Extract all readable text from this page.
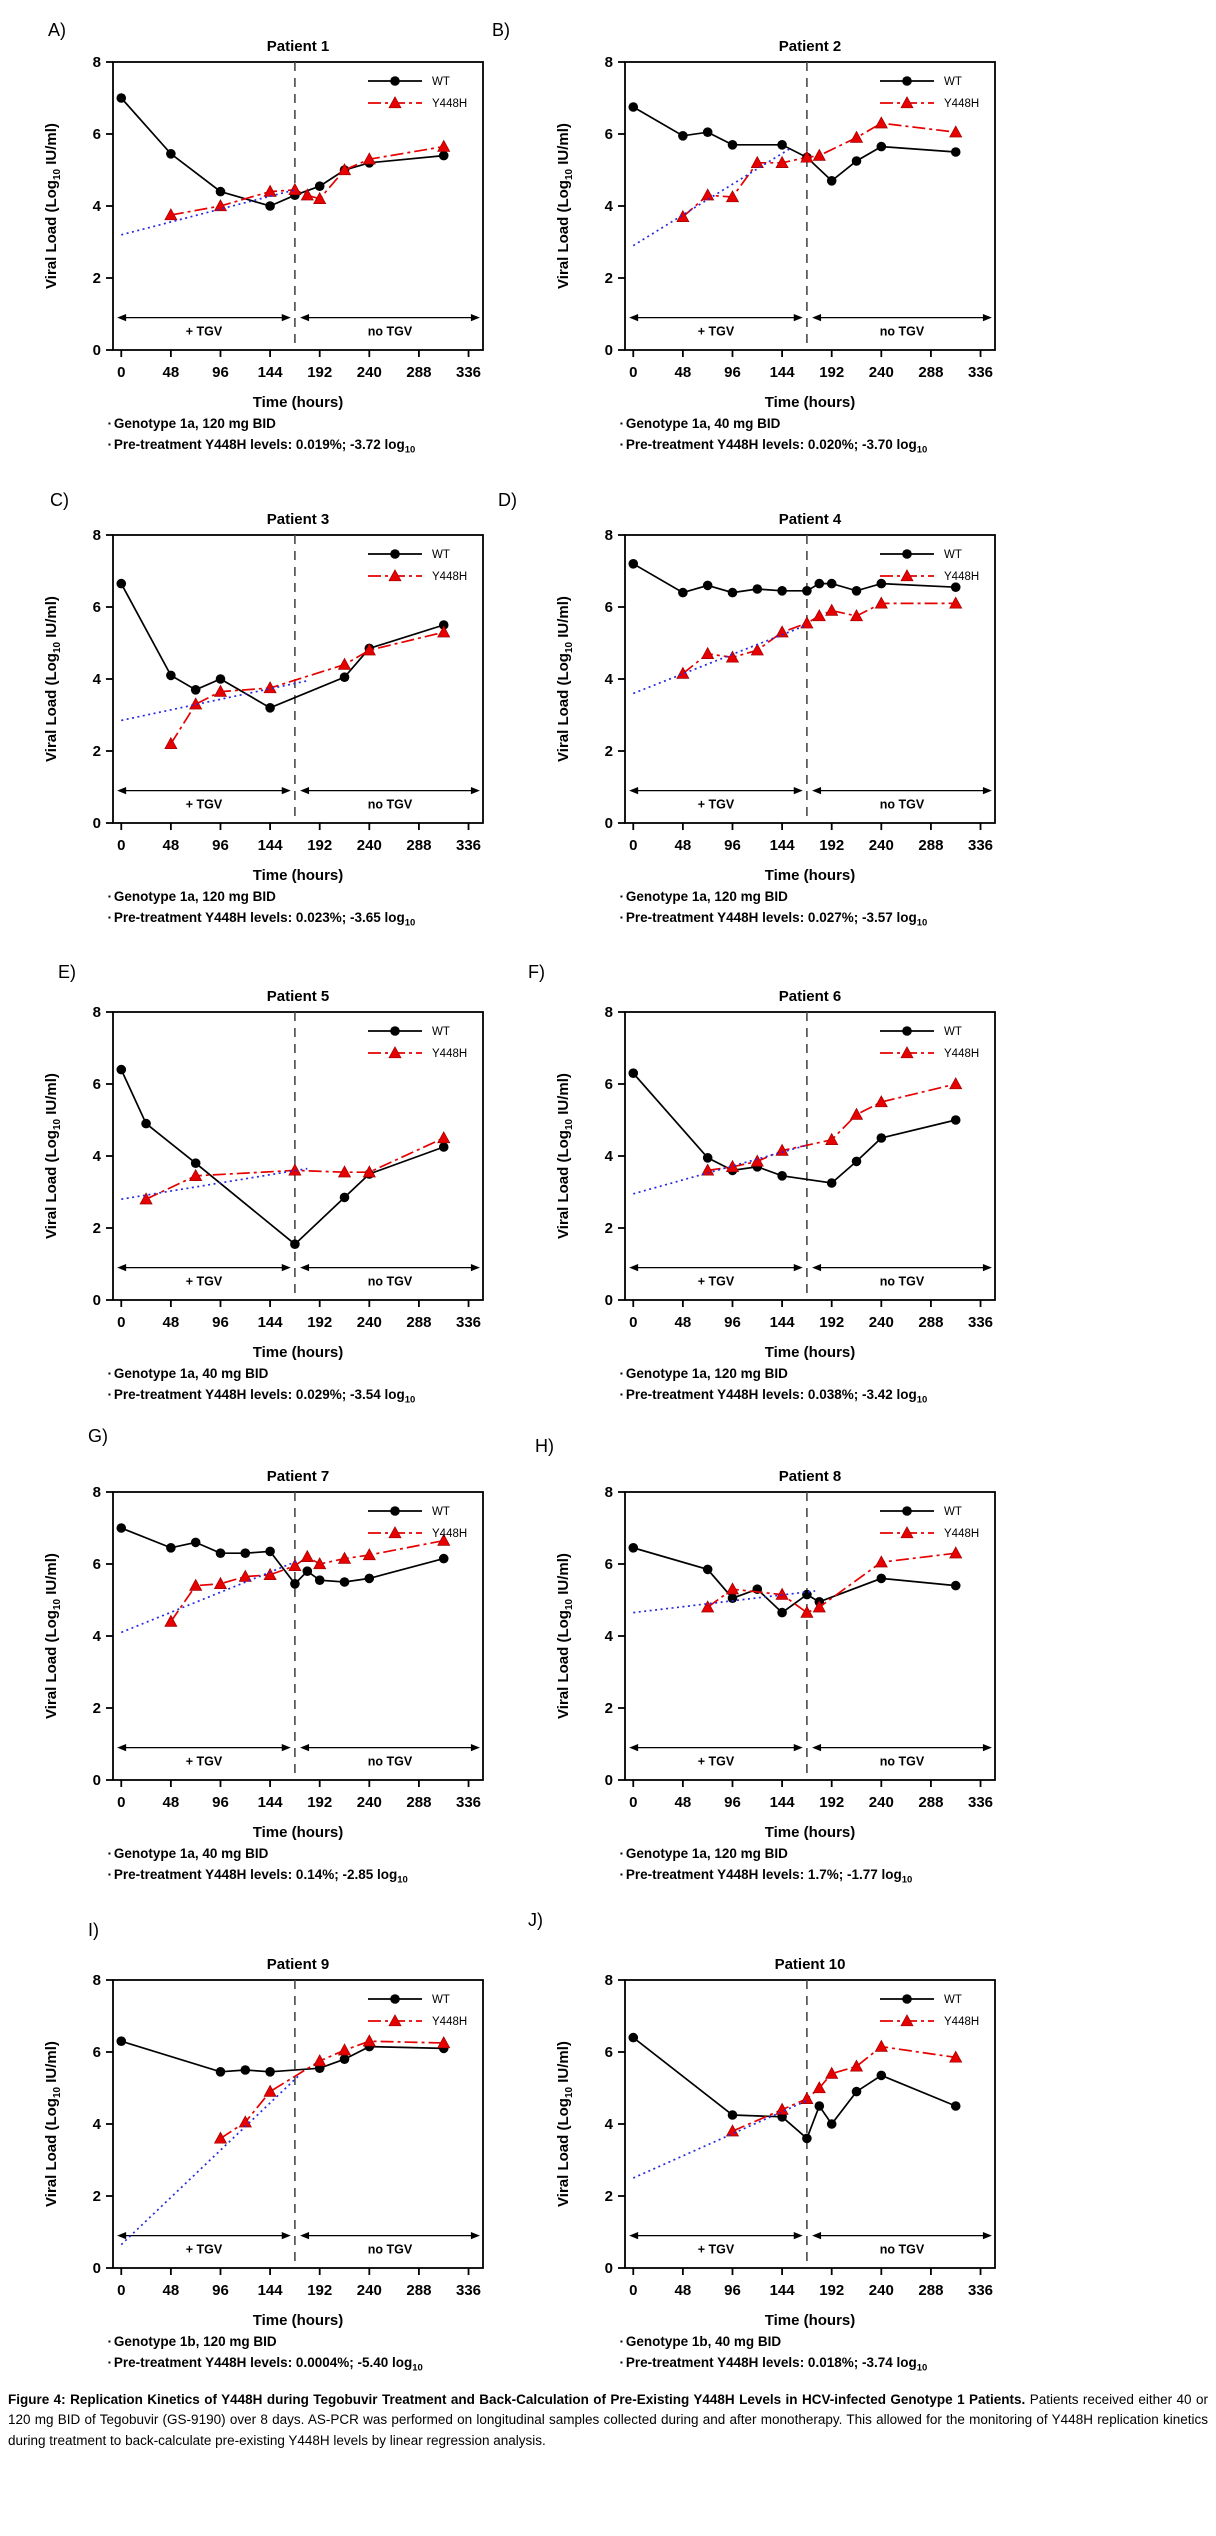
A)	B)
C)	D)
E)	F)
G)	H)
I)	J)
Patient 1
+ TGV	no TGV
0 48 96 144 192 240 288 336
0
2
4
6
8
Time (hours)
Viral Load (Log$_{10}$ IU/ml)
WT
Y448H
▪ Genotype 1a, 120 mg BID
▪ Pre-treatment Y448H levels: 0.019%; -3.72 $\log_{10}$
Patient 2
+ TGV	no TGV
0 48 96 144 192 240 288 336
0
2
4
6
8
Time (hours)
Viral Load (Log$_{10}$ IU/ml)
WT
Y448H
▪ Genotype 1a, 40 mg BID
▪ Pre-treatment Y448H levels: 0.020%; -3.70 $\log_{10}$
Patient 3
+ TGV	no TGV
0 48 96 144 192 240 288 336
0
2
4
6
8
Time (hours)
Viral Load (Log$_{10}$ IU/ml)
WT
Y448H
▪ Genotype 1a, 120 mg BID
▪ Pre-treatment Y448H levels: 0.023%; -3.65 $\log_{10}$
Patient 4
+ TGV	no TGV
0 48 96 144 192 240 288 336
0
2
4
6
8
Time (hours)
Viral Load (Log$_{10}$ IU/ml)
WT
Y448H
▪ Genotype 1a, 120 mg BID
▪ Pre-treatment Y448H levels: 0.027%; -3.57 $\log_{10}$
Patient 5
+ TGV	no TGV
0 48 96 144 192 240 288 336
0
2
4
6
8
Time (hours)
Viral Load (Log$_{10}$ IU/ml)
WT
Y448H
▪ Genotype 1a, 40 mg BID
▪ Pre-treatment Y448H levels: 0.029%; -3.54 $\log_{10}$
Patient 6
+ TGV	no TGV
0 48 96 144 192 240 288 336
0
2
4
6
8
Time (hours)
Viral Load (Log$_{10}$ IU/ml)
WT
Y448H
▪ Genotype 1a, 120 mg BID
▪ Pre-treatment Y448H levels: 0.038%; -3.42 $\log_{10}$
Patient 7
+ TGV	no TGV
0 48 96 144 192 240 288 336
0
2
4
6
8
Time (hours)
Viral Load (Log$_{10}$ IU/ml)
WT
Y448H
▪ Genotype 1a, 40 mg BID
▪ Pre-treatment Y448H levels: 0.14%; -2.85 $\log_{10}$
Patient 8
+ TGV	no TGV
0 48 96 144 192 240 288 336
0
2
4
6
8
Time (hours)
Viral Load (Log$_{10}$ IU/ml)
WT
Y448H
▪ Genotype 1a, 120 mg BID
▪ Pre-treatment Y448H levels: 1.7%; -1.77 $\log_{10}$
Patient 9
+ TGV	no TGV
0 48 96 144 192 240 288 336
0
2
4
6
8
Time (hours)
Viral Load (Log$_{10}$ IU/ml)
WT
Y448H
▪ Genotype 1b, 120 mg BID
▪ Pre-treatment Y448H levels: 0.0004%; -5.40 $\log_{10}$
Patient 10
+ TGV	no TGV
0 48 96 144 192 240 288 336
0
2
4
6
8
Time (hours)
Viral Load (Log$_{10}$ IU/ml)
WT
Y448H
▪ Genotype 1b, 40 mg BID
▪ Pre-treatment Y448H levels: 0.018%; -3.74 $\log_{10}$
Figure 4: Replication Kinetics of Y448H during Tegobuvir Treatment and Back-Calculation of Pre-Existing Y448H Levels in HCV-infected Genotype 1 Patients. Patients received either 40 or 120 mg BID of Tegobuvir (GS-9190) over 8 days. AS-PCR was performed on longitudinal samples collected during and after monotherapy. This allowed for the monitoring of Y448H replication kinetics during treatment to back-calculate pre-existing Y448H levels by linear regression analysis.
